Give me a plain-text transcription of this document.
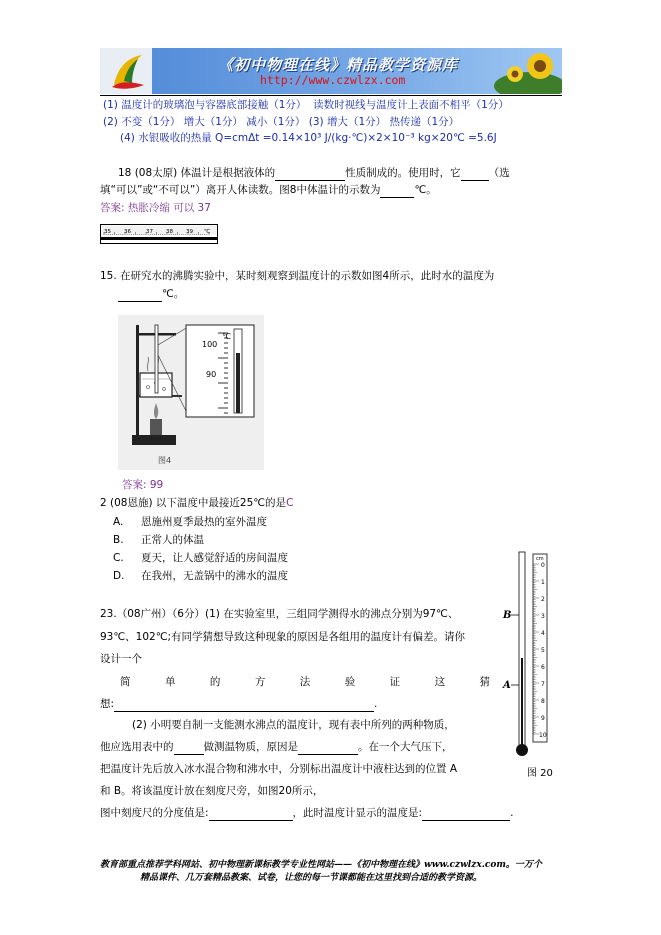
《初中物理在线》精品教学资源库
http://www.czwlzx.com
(1) 温度计的玻璃泡与容器底部接触（1分） 读数时视线与温度计上表面不相平（1分）
(2) 不变（1分） 增大（1分） 减小（1分） (3) 增大（1分） 热传递（1分）
(4) 水银吸收的热量 Q=cmΔt =0.14×10³ J/(kg·℃)×2×10⁻³ kg×20℃ =5.6J
18 (08太原) 体温计是根据液体的	性质制成的。使用时，它	（选
填“可以”或“不可以”）离开人体读数。图8中体温计的示数为	℃。
答案: 热胀冷缩 可以 37
35 36	37 38 39 ℃
15. 在研究水的沸腾实验中，某时刻观察到温度计的示数如图4所示，此时水的温度为
℃。
100
90
℃
图4
答案: 99
2 (08恩施) 以下温度中最接近25℃的是C
A. 恩施州夏季最热的室外温度
B. 正常人的体温
C. 夏天，让人感觉舒适的房间温度
D. 在我州，无盖锅中的沸水的温度
23.（08广州）（6分）(1) 在实验室里，三组同学测得水的沸点分别为97℃、
93℃、102℃;有同学猜想导致这种现象的原因是各组用的温度计有偏差。请你
设计一个
简	单	的	方	法	验	证	这	猜
想:	.
(2) 小明要自制一支能测水沸点的温度计，现有表中所列的两种物质，
他应选用表中的	做测温物质，原因是	。在一个大气压下，
把温度计先后放入冰水混合物和沸水中，分别标出温度计中液柱达到的位置 A
和 B。将该温度计放在刻度尺旁，如图20所示，
图中刻度尺的分度值是:	，此时温度计显示的温度是:	.
0
1
2
3
4
5
6
7
8
9
10
cm
B
A
图 20
教育部重点推荐学科网站、初中物理新课标教学专业性网站——《初中物理在线》www.czwlzx.com。一万个
精品课件、几万套精品教案、试卷，让您的每一节课都能在这里找到合适的教学资源。
